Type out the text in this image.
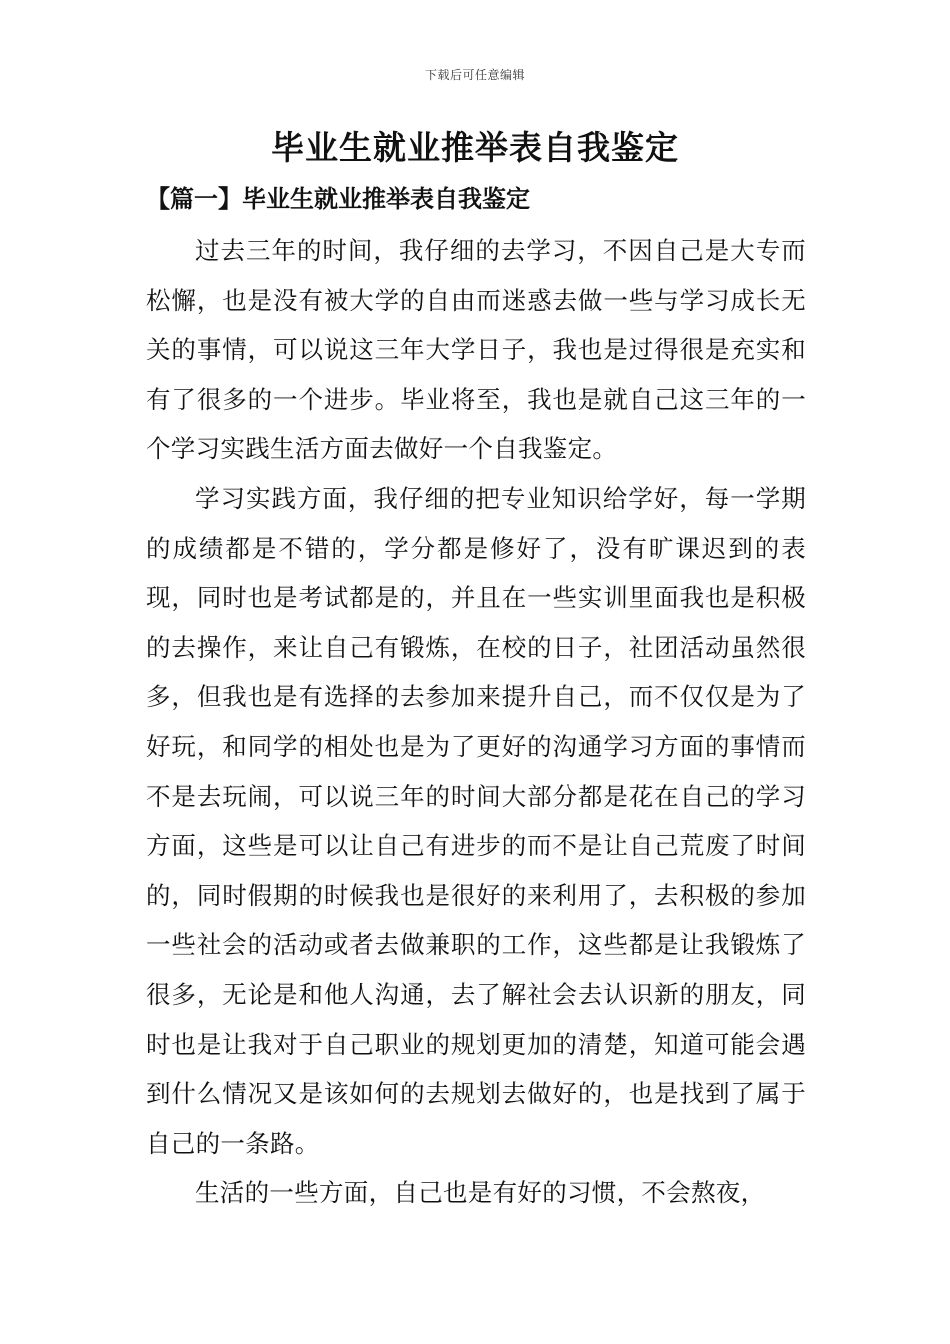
下载后可任意编辑
毕业生就业推举表自我鉴定
【篇一】毕业生就业推举表自我鉴定

过去三年的时间，我仔细的去学习，不因自己是大专而松懈，也是没有被大学的自由而迷惑去做一些与学习成长无关的事情，可以说这三年大学日子，我也是过得很是充实和有了很多的一个进步。毕业将至，我也是就自己这三年的一个学习实践生活方面去做好一个自我鉴定。

学习实践方面，我仔细的把专业知识给学好，每一学期的成绩都是不错的，学分都是修好了，没有旷课迟到的表现，同时也是考试都是的，并且在一些实训里面我也是积极的去操作，来让自己有锻炼，在校的日子，社团活动虽然很多，但我也是有选择的去参加来提升自己，而不仅仅是为了好玩，和同学的相处也是为了更好的沟通学习方面的事情而不是去玩闹，可以说三年的时间大部分都是花在自己的学习方面，这些是可以让自己有进步的而不是让自己荒废了时间的，同时假期的时候我也是很好的来利用了，去积极的参加一些社会的活动或者去做兼职的工作，这些都是让我锻炼了很多，无论是和他人沟通，去了解社会去认识新的朋友，同时也是让我对于自己职业的规划更加的清楚，知道可能会遇到什么情况又是该如何的去规划去做好的，也是找到了属于自己的一条路。

生活的一些方面，自己也是有好的习惯，不会熬夜，
